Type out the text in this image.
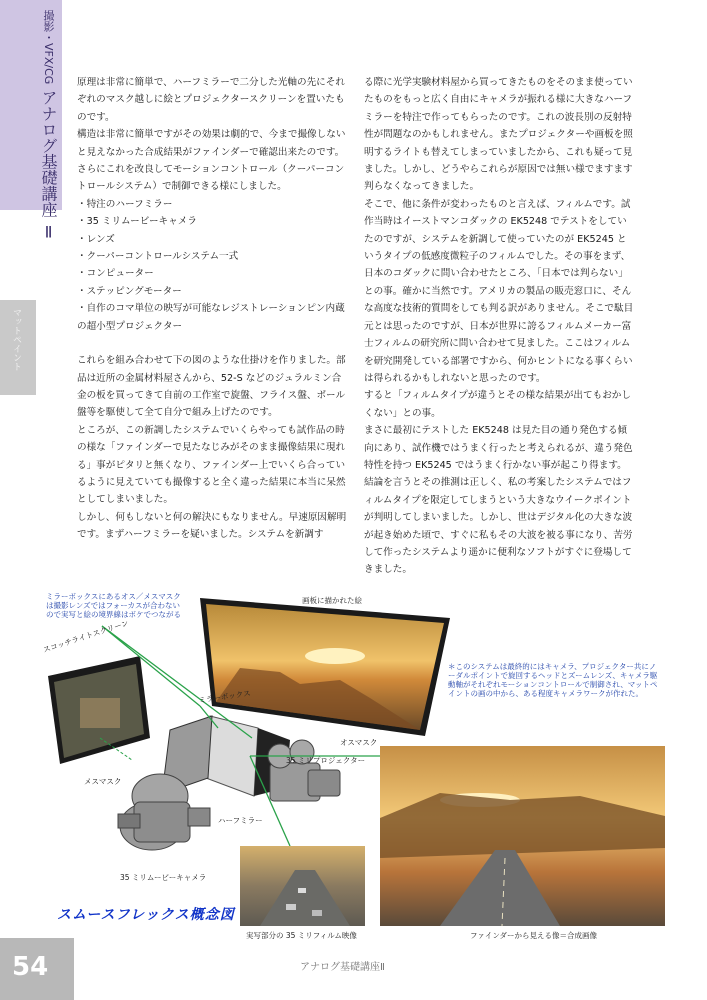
撮影・VFX/CG アナログ基礎講座 Ⅱ
マットペイント

原理は非常に簡単で、ハーフミラーで二分した光軸の先にそれぞれのマスク越しに絵とプロジェクタースクリーンを置いたものです。

構造は非常に簡単ですがその効果は劇的で、今まで撮像しないと見えなかった合成結果がファインダーで確認出来たのです。

さらにこれを改良してモーションコントロール（クーパーコントロールシステム）で制御できる様にしました。

・特注のハーフミラー

・35 ミリムービーキャメラ

・レンズ

・クーパーコントロールシステム一式

・コンピューター

・ステッピングモーター

・自作のコマ単位の映写が可能なレジストレーションピン内蔵の超小型プロジェクター

これらを組み合わせて下の図のような仕掛けを作りました。部品は近所の金属材料屋さんから、52-S などのジュラルミン合金の板を買ってきて自前の工作室で旋盤、フライス盤、ボール盤等を駆使して全て自分で組み上げたのです。

ところが、この新調したシステムでいくらやっても試作品の時の様な「ファインダーで見たなじみがそのまま撮像結果に現れる」事がピタリと無くなり、ファインダー上でいくら合っているように見えていても撮像すると全く違った結果に本当に呆然としてしまいました。

しかし、何もしないと何の解決にもなりません。早速原因解明です。まずハーフミラーを疑いました。システムを新調す

る際に光学実験材料屋から買ってきたものをそのまま使っていたものをもっと広く自由にキャメラが振れる様に大きなハーフミラーを特注で作ってもらったのです。これの波長別の反射特性が問題なのかもしれません。またプロジェクターや画板を照明するライトも替えてしまっていましたから、これも疑って見ました。しかし、どうやらこれらが原因では無い様でますます判らなくなってきました。

そこで、他に条件が変わったものと言えば、フィルムです。試作当時はイーストマンコダックの EK5248 でテストをしていたのですが、システムを新調して使っていたのが EK5245 というタイプの低感度微粒子のフィルムでした。その事をまず、日本のコダックに問い合わせたところ、「日本では判らない」との事。確かに当然です。アメリカの製品の販売窓口に、そんな高度な技術的質問をしても判る訳がありません。そこで駄目元とは思ったのですが、日本が世界に誇るフィルムメーカー富士フィルムの研究所に問い合わせて見ました。ここはフィルムを研究開発している部署ですから、何かヒントになる事くらいは得られるかもしれないと思ったのです。

すると「フィルムタイプが違うとその様な結果が出てもおかしくない」との事。

まさに最初にテストした EK5248 は見た目の通り発色する傾向にあり、試作機ではうまく行ったと考えられるが、違う発色特性を持つ EK5245 ではうまく行かない事が起こり得ます。結論を言うとその推測は正しく、私の考案したシステムではフィルムタイプを限定してしまうという大きなウイークポイントが判明してしまいました。しかし、世はデジタル化の大きな波が起き始めた頃で、すぐに私もその大波を被る事になり、苦労して作ったシステムより遥かに便利なソフトがすぐに登場してきました。

ミラーボックスにあるオス／メスマスクは撮影レンズではフォーカスが合わないので実写と絵の境界線はボケでつながる
画板に描かれた絵
スコッチライトスクリーン
ミラーボックス
オスマスク
35 ミリプロジェクター
メスマスク
ハーフミラー
35 ミリムービーキャメラ
＊このシステムは最終的にはキャメラ、プロジェクター共にノーダルポイントで旋回するヘッドとズームレンズ、キャメラ駆動軸がそれぞれモーションコントロールで制御され、マットペイントの画の中から、ある程度キャメラワークが作れた。
スムースフレックス概念図
実写部分の 35 ミリフィルム映像	ファインダーから見える像＝合成画像
54	アナログ基礎講座Ⅱ
